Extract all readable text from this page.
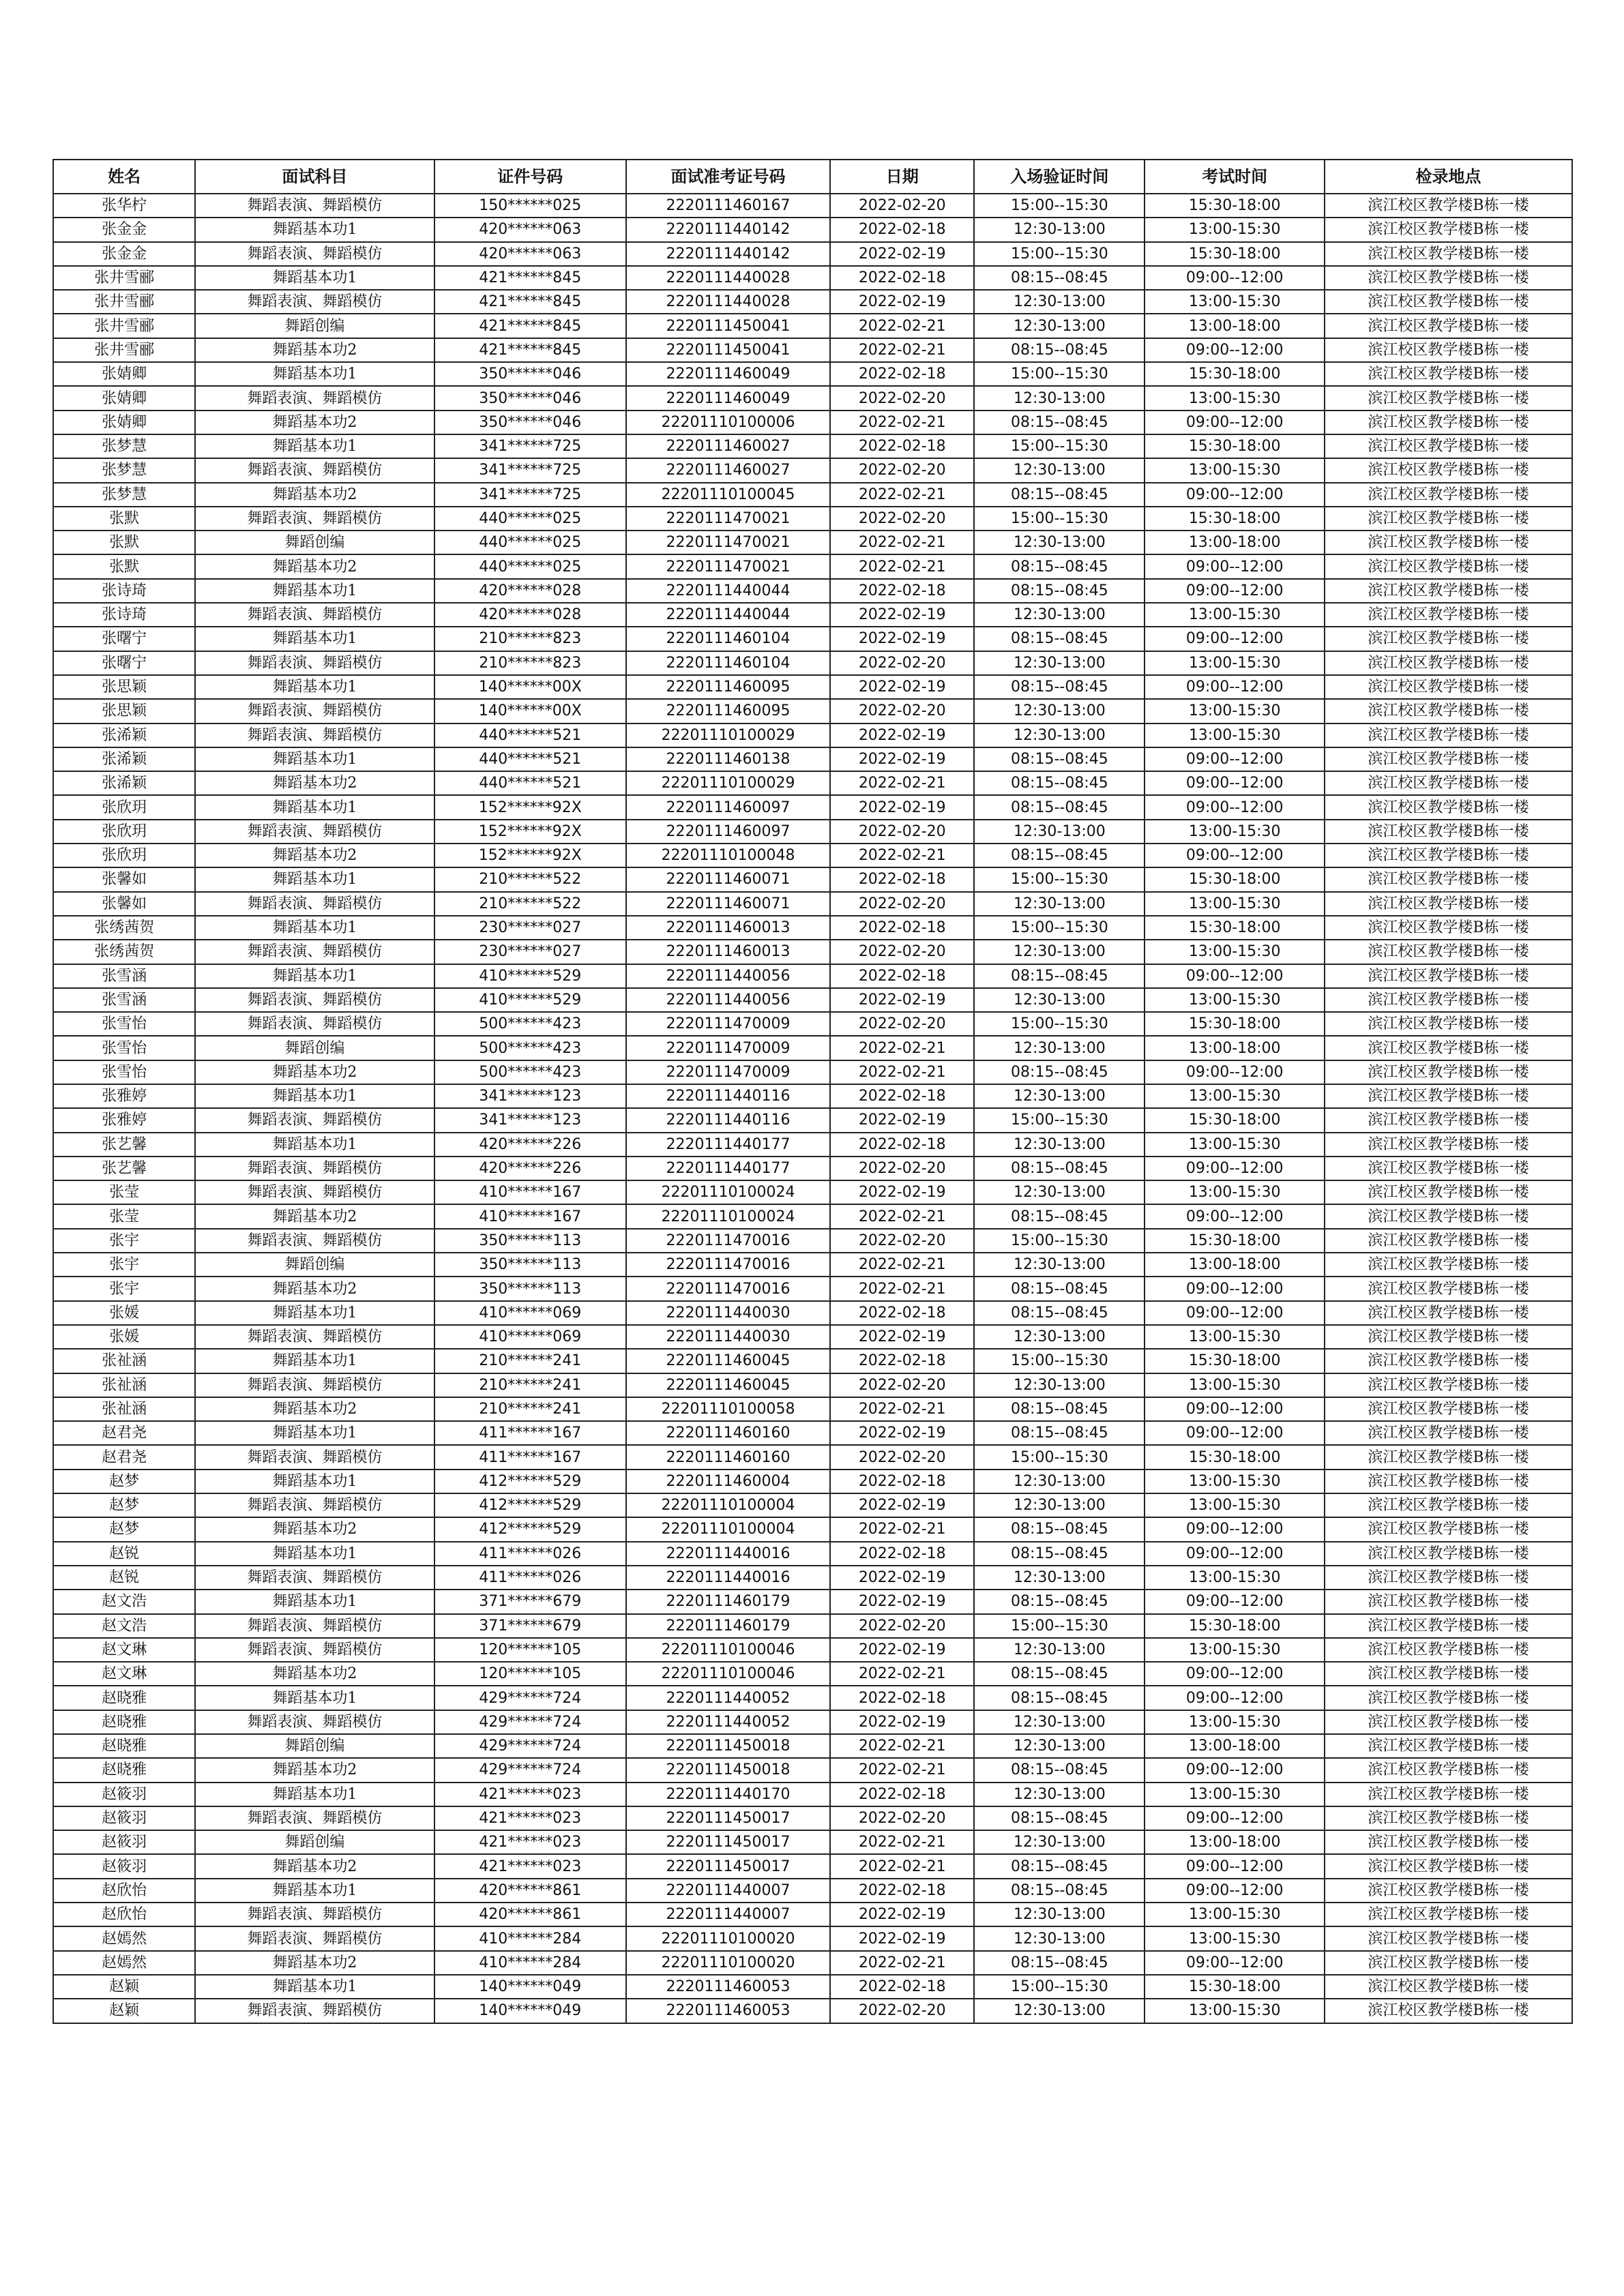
姓名	面试科目	证件号码	面试准考证号码	日期	入场验证时间	考试时间	检录地点
张华柠	舞蹈表演、舞蹈模仿	150******025	2220111460167	2022-02-20	15:00--15:30	15:30-18:00	滨江校区教学楼B栋一楼
张金金	舞蹈基本功1	420******063	2220111440142	2022-02-18	12:30-13:00	13:00-15:30	滨江校区教学楼B栋一楼
张金金	舞蹈表演、舞蹈模仿	420******063	2220111440142	2022-02-19	15:00--15:30	15:30-18:00	滨江校区教学楼B栋一楼
张井雪郦	舞蹈基本功1	421******845	2220111440028	2022-02-18	08:15--08:45	09:00--12:00	滨江校区教学楼B栋一楼
张井雪郦	舞蹈表演、舞蹈模仿	421******845	2220111440028	2022-02-19	12:30-13:00	13:00-15:30	滨江校区教学楼B栋一楼
张井雪郦	舞蹈创编	421******845	2220111450041	2022-02-21	12:30-13:00	13:00-18:00	滨江校区教学楼B栋一楼
张井雪郦	舞蹈基本功2	421******845	2220111450041	2022-02-21	08:15--08:45	09:00--12:00	滨江校区教学楼B栋一楼
张婧卿	舞蹈基本功1	350******046	2220111460049	2022-02-18	15:00--15:30	15:30-18:00	滨江校区教学楼B栋一楼
张婧卿	舞蹈表演、舞蹈模仿	350******046	2220111460049	2022-02-20	12:30-13:00	13:00-15:30	滨江校区教学楼B栋一楼
张婧卿	舞蹈基本功2	350******046	22201110100006	2022-02-21	08:15--08:45	09:00--12:00	滨江校区教学楼B栋一楼
张梦慧	舞蹈基本功1	341******725	2220111460027	2022-02-18	15:00--15:30	15:30-18:00	滨江校区教学楼B栋一楼
张梦慧	舞蹈表演、舞蹈模仿	341******725	2220111460027	2022-02-20	12:30-13:00	13:00-15:30	滨江校区教学楼B栋一楼
张梦慧	舞蹈基本功2	341******725	22201110100045	2022-02-21	08:15--08:45	09:00--12:00	滨江校区教学楼B栋一楼
张默	舞蹈表演、舞蹈模仿	440******025	2220111470021	2022-02-20	15:00--15:30	15:30-18:00	滨江校区教学楼B栋一楼
张默	舞蹈创编	440******025	2220111470021	2022-02-21	12:30-13:00	13:00-18:00	滨江校区教学楼B栋一楼
张默	舞蹈基本功2	440******025	2220111470021	2022-02-21	08:15--08:45	09:00--12:00	滨江校区教学楼B栋一楼
张诗琦	舞蹈基本功1	420******028	2220111440044	2022-02-18	08:15--08:45	09:00--12:00	滨江校区教学楼B栋一楼
张诗琦	舞蹈表演、舞蹈模仿	420******028	2220111440044	2022-02-19	12:30-13:00	13:00-15:30	滨江校区教学楼B栋一楼
张曙宁	舞蹈基本功1	210******823	2220111460104	2022-02-19	08:15--08:45	09:00--12:00	滨江校区教学楼B栋一楼
张曙宁	舞蹈表演、舞蹈模仿	210******823	2220111460104	2022-02-20	12:30-13:00	13:00-15:30	滨江校区教学楼B栋一楼
张思颖	舞蹈基本功1	140******00X	2220111460095	2022-02-19	08:15--08:45	09:00--12:00	滨江校区教学楼B栋一楼
张思颖	舞蹈表演、舞蹈模仿	140******00X	2220111460095	2022-02-20	12:30-13:00	13:00-15:30	滨江校区教学楼B栋一楼
张浠颖	舞蹈表演、舞蹈模仿	440******521	22201110100029	2022-02-19	12:30-13:00	13:00-15:30	滨江校区教学楼B栋一楼
张浠颖	舞蹈基本功1	440******521	2220111460138	2022-02-19	08:15--08:45	09:00--12:00	滨江校区教学楼B栋一楼
张浠颖	舞蹈基本功2	440******521	22201110100029	2022-02-21	08:15--08:45	09:00--12:00	滨江校区教学楼B栋一楼
张欣玥	舞蹈基本功1	152******92X	2220111460097	2022-02-19	08:15--08:45	09:00--12:00	滨江校区教学楼B栋一楼
张欣玥	舞蹈表演、舞蹈模仿	152******92X	2220111460097	2022-02-20	12:30-13:00	13:00-15:30	滨江校区教学楼B栋一楼
张欣玥	舞蹈基本功2	152******92X	22201110100048	2022-02-21	08:15--08:45	09:00--12:00	滨江校区教学楼B栋一楼
张馨如	舞蹈基本功1	210******522	2220111460071	2022-02-18	15:00--15:30	15:30-18:00	滨江校区教学楼B栋一楼
张馨如	舞蹈表演、舞蹈模仿	210******522	2220111460071	2022-02-20	12:30-13:00	13:00-15:30	滨江校区教学楼B栋一楼
张绣茜贺	舞蹈基本功1	230******027	2220111460013	2022-02-18	15:00--15:30	15:30-18:00	滨江校区教学楼B栋一楼
张绣茜贺	舞蹈表演、舞蹈模仿	230******027	2220111460013	2022-02-20	12:30-13:00	13:00-15:30	滨江校区教学楼B栋一楼
张雪涵	舞蹈基本功1	410******529	2220111440056	2022-02-18	08:15--08:45	09:00--12:00	滨江校区教学楼B栋一楼
张雪涵	舞蹈表演、舞蹈模仿	410******529	2220111440056	2022-02-19	12:30-13:00	13:00-15:30	滨江校区教学楼B栋一楼
张雪怡	舞蹈表演、舞蹈模仿	500******423	2220111470009	2022-02-20	15:00--15:30	15:30-18:00	滨江校区教学楼B栋一楼
张雪怡	舞蹈创编	500******423	2220111470009	2022-02-21	12:30-13:00	13:00-18:00	滨江校区教学楼B栋一楼
张雪怡	舞蹈基本功2	500******423	2220111470009	2022-02-21	08:15--08:45	09:00--12:00	滨江校区教学楼B栋一楼
张雅婷	舞蹈基本功1	341******123	2220111440116	2022-02-18	12:30-13:00	13:00-15:30	滨江校区教学楼B栋一楼
张雅婷	舞蹈表演、舞蹈模仿	341******123	2220111440116	2022-02-19	15:00--15:30	15:30-18:00	滨江校区教学楼B栋一楼
张艺馨	舞蹈基本功1	420******226	2220111440177	2022-02-18	12:30-13:00	13:00-15:30	滨江校区教学楼B栋一楼
张艺馨	舞蹈表演、舞蹈模仿	420******226	2220111440177	2022-02-20	08:15--08:45	09:00--12:00	滨江校区教学楼B栋一楼
张莹	舞蹈表演、舞蹈模仿	410******167	22201110100024	2022-02-19	12:30-13:00	13:00-15:30	滨江校区教学楼B栋一楼
张莹	舞蹈基本功2	410******167	22201110100024	2022-02-21	08:15--08:45	09:00--12:00	滨江校区教学楼B栋一楼
张宇	舞蹈表演、舞蹈模仿	350******113	2220111470016	2022-02-20	15:00--15:30	15:30-18:00	滨江校区教学楼B栋一楼
张宇	舞蹈创编	350******113	2220111470016	2022-02-21	12:30-13:00	13:00-18:00	滨江校区教学楼B栋一楼
张宇	舞蹈基本功2	350******113	2220111470016	2022-02-21	08:15--08:45	09:00--12:00	滨江校区教学楼B栋一楼
张媛	舞蹈基本功1	410******069	2220111440030	2022-02-18	08:15--08:45	09:00--12:00	滨江校区教学楼B栋一楼
张媛	舞蹈表演、舞蹈模仿	410******069	2220111440030	2022-02-19	12:30-13:00	13:00-15:30	滨江校区教学楼B栋一楼
张祉涵	舞蹈基本功1	210******241	2220111460045	2022-02-18	15:00--15:30	15:30-18:00	滨江校区教学楼B栋一楼
张祉涵	舞蹈表演、舞蹈模仿	210******241	2220111460045	2022-02-20	12:30-13:00	13:00-15:30	滨江校区教学楼B栋一楼
张祉涵	舞蹈基本功2	210******241	22201110100058	2022-02-21	08:15--08:45	09:00--12:00	滨江校区教学楼B栋一楼
赵君尧	舞蹈基本功1	411******167	2220111460160	2022-02-19	08:15--08:45	09:00--12:00	滨江校区教学楼B栋一楼
赵君尧	舞蹈表演、舞蹈模仿	411******167	2220111460160	2022-02-20	15:00--15:30	15:30-18:00	滨江校区教学楼B栋一楼
赵梦	舞蹈基本功1	412******529	2220111460004	2022-02-18	12:30-13:00	13:00-15:30	滨江校区教学楼B栋一楼
赵梦	舞蹈表演、舞蹈模仿	412******529	22201110100004	2022-02-19	12:30-13:00	13:00-15:30	滨江校区教学楼B栋一楼
赵梦	舞蹈基本功2	412******529	22201110100004	2022-02-21	08:15--08:45	09:00--12:00	滨江校区教学楼B栋一楼
赵锐	舞蹈基本功1	411******026	2220111440016	2022-02-18	08:15--08:45	09:00--12:00	滨江校区教学楼B栋一楼
赵锐	舞蹈表演、舞蹈模仿	411******026	2220111440016	2022-02-19	12:30-13:00	13:00-15:30	滨江校区教学楼B栋一楼
赵文浩	舞蹈基本功1	371******679	2220111460179	2022-02-19	08:15--08:45	09:00--12:00	滨江校区教学楼B栋一楼
赵文浩	舞蹈表演、舞蹈模仿	371******679	2220111460179	2022-02-20	15:00--15:30	15:30-18:00	滨江校区教学楼B栋一楼
赵文琳	舞蹈表演、舞蹈模仿	120******105	22201110100046	2022-02-19	12:30-13:00	13:00-15:30	滨江校区教学楼B栋一楼
赵文琳	舞蹈基本功2	120******105	22201110100046	2022-02-21	08:15--08:45	09:00--12:00	滨江校区教学楼B栋一楼
赵晓雅	舞蹈基本功1	429******724	2220111440052	2022-02-18	08:15--08:45	09:00--12:00	滨江校区教学楼B栋一楼
赵晓雅	舞蹈表演、舞蹈模仿	429******724	2220111440052	2022-02-19	12:30-13:00	13:00-15:30	滨江校区教学楼B栋一楼
赵晓雅	舞蹈创编	429******724	2220111450018	2022-02-21	12:30-13:00	13:00-18:00	滨江校区教学楼B栋一楼
赵晓雅	舞蹈基本功2	429******724	2220111450018	2022-02-21	08:15--08:45	09:00--12:00	滨江校区教学楼B栋一楼
赵筱羽	舞蹈基本功1	421******023	2220111440170	2022-02-18	12:30-13:00	13:00-15:30	滨江校区教学楼B栋一楼
赵筱羽	舞蹈表演、舞蹈模仿	421******023	2220111450017	2022-02-20	08:15--08:45	09:00--12:00	滨江校区教学楼B栋一楼
赵筱羽	舞蹈创编	421******023	2220111450017	2022-02-21	12:30-13:00	13:00-18:00	滨江校区教学楼B栋一楼
赵筱羽	舞蹈基本功2	421******023	2220111450017	2022-02-21	08:15--08:45	09:00--12:00	滨江校区教学楼B栋一楼
赵欣怡	舞蹈基本功1	420******861	2220111440007	2022-02-18	08:15--08:45	09:00--12:00	滨江校区教学楼B栋一楼
赵欣怡	舞蹈表演、舞蹈模仿	420******861	2220111440007	2022-02-19	12:30-13:00	13:00-15:30	滨江校区教学楼B栋一楼
赵嫣然	舞蹈表演、舞蹈模仿	410******284	22201110100020	2022-02-19	12:30-13:00	13:00-15:30	滨江校区教学楼B栋一楼
赵嫣然	舞蹈基本功2	410******284	22201110100020	2022-02-21	08:15--08:45	09:00--12:00	滨江校区教学楼B栋一楼
赵颖	舞蹈基本功1	140******049	2220111460053	2022-02-18	15:00--15:30	15:30-18:00	滨江校区教学楼B栋一楼
赵颖	舞蹈表演、舞蹈模仿	140******049	2220111460053	2022-02-20	12:30-13:00	13:00-15:30	滨江校区教学楼B栋一楼
